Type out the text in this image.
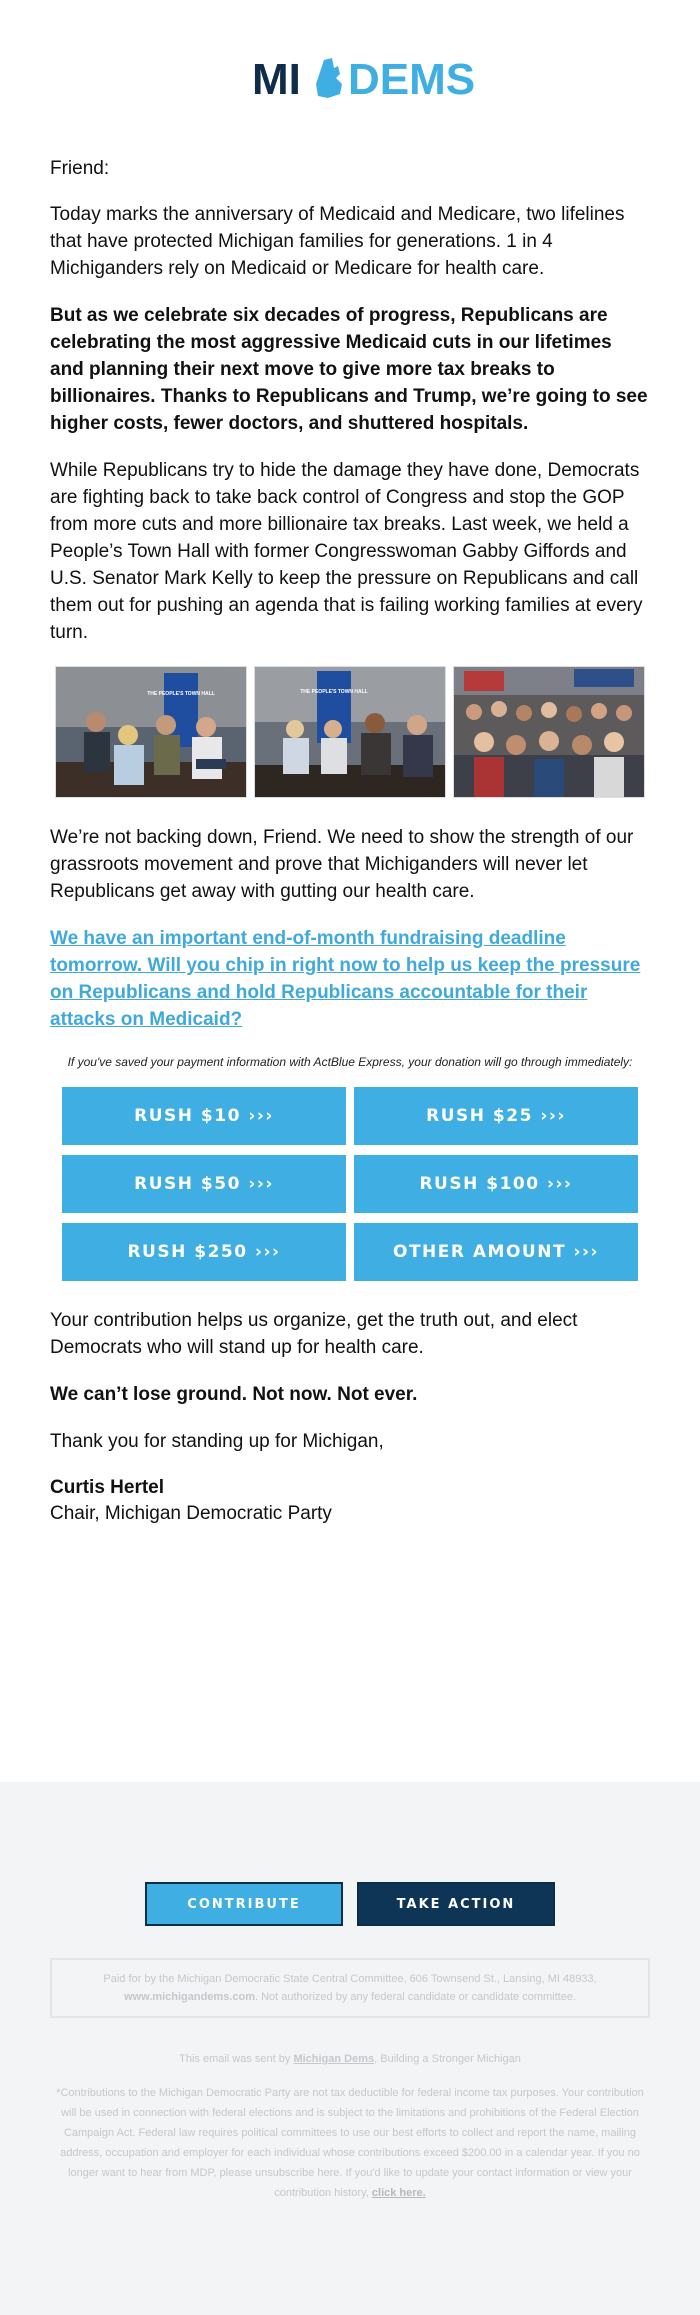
MI DEMS

Friend:

Today marks the anniversary of Medicaid and Medicare, two lifelines that have protected Michigan families for generations. 1 in 4 Michiganders rely on Medicaid or Medicare for health care.

But as we celebrate six decades of progress, Republicans are celebrating the most aggressive Medicaid cuts in our lifetimes and planning their next move to give more tax breaks to billionaires. Thanks to Republicans and Trump, we’re going to see higher costs, fewer doctors, and shuttered hospitals.

While Republicans try to hide the damage they have done, Democrats are fighting back to take back control of Congress and stop the GOP from more cuts and more billionaire tax breaks. Last week, we held a People’s Town Hall with former Congresswoman Gabby Giffords and U.S. Senator Mark Kelly to keep the pressure on Republicans and call them out for pushing an agenda that is failing working families at every turn.

THE PEOPLE'S TOWN HALL	THE PEOPLE'S TOWN HALL

We’re not backing down, Friend. We need to show the strength of our grassroots movement and prove that Michiganders will never let Republicans get away with gutting our health care.

We have an important end-of-month fundraising deadline tomorrow. Will you chip in right now to help us keep the pressure on Republicans and hold Republicans accountable for their attacks on Medicaid?

If you've saved your payment information with ActBlue Express, your donation will go through immediately:

RUSH $10 ›››	RUSH $25 ›››
RUSH $50 ›››	RUSH $100 ›››
RUSH $250 ›››	OTHER AMOUNT ›››

Your contribution helps us organize, get the truth out, and elect Democrats who will stand up for health care.

We can’t lose ground. Not now. Not ever.

Thank you for standing up for Michigan,

Curtis Hertel

Chair, Michigan Democratic Party

CONTRIBUTE	TAKE ACTION
Paid for by the Michigan Democratic State Central Committee, 606 Townsend St., Lansing, MI 48933, www.michigandems.com. Not authorized by any federal candidate or candidate committee.
This email was sent by Michigan Dems, Building a Stronger Michigan
*Contributions to the Michigan Democratic Party are not tax deductible for federal income tax purposes. Your contribution will be used in connection with federal elections and is subject to the limitations and prohibitions of the Federal Election Campaign Act. Federal law requires political committees to use our best efforts to collect and report the name, mailing address, occupation and employer for each individual whose contributions exceed $200.00 in a calendar year. If you no longer want to hear from MDP, please unsubscribe here. If you'd like to update your contact information or view your contribution history, click here.
